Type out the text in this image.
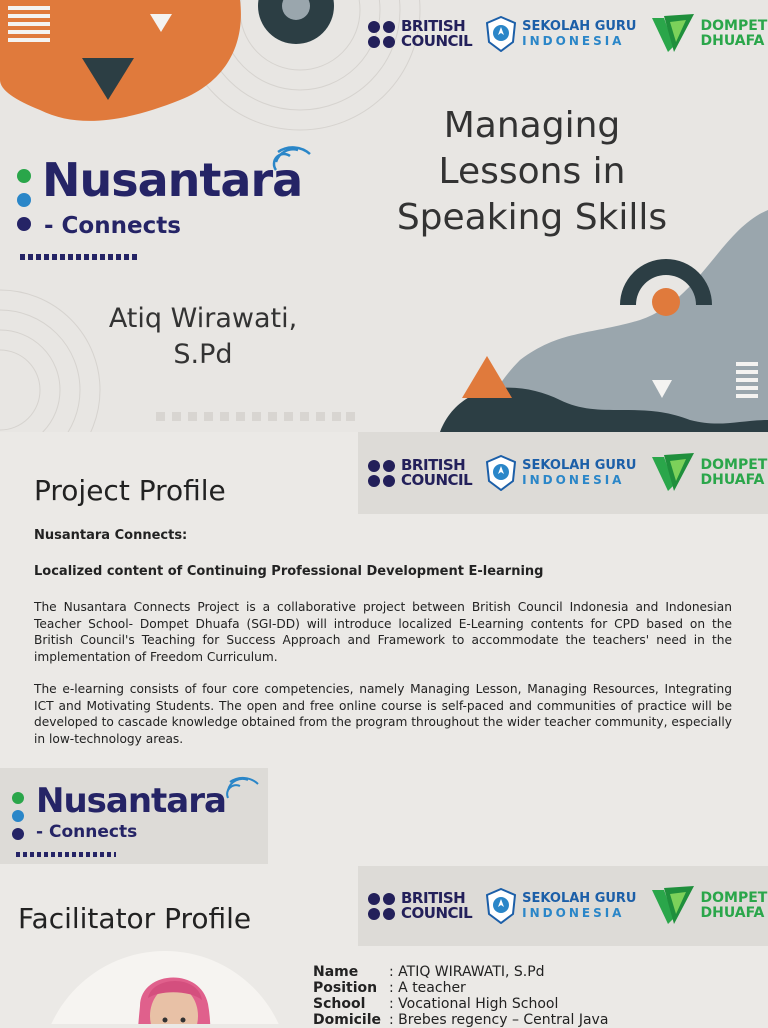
BRITISH
COUNCIL
SEKOLAH GURU
INDONESIA
DOMPET
DHUAFA
Nusantara
- Connects
Managing
Lessons in
Speaking Skills
Atiq Wirawati,
S.Pd
BRITISH
COUNCIL
SEKOLAH GURU
INDONESIA
DOMPET
DHUAFA
Project Profile
Nusantara Connects:
Localized content of Continuing Professional Development E-learning
The Nusantara Connects Project is a collaborative project between British Council Indonesia and Indonesian Teacher School- Dompet Dhuafa (SGI-DD) will introduce localized E-Learning contents for CPD based on the British Council's Teaching for Success Approach and Framework to accommodate the teachers' need in the implementation of Freedom Curriculum.
The e-learning consists of four core competencies, namely Managing Lesson, Managing Resources, Integrating ICT and Motivating Students. The open and free online course is self-paced and communities of practice will be developed to cascade knowledge obtained from the program throughout the wider teacher community, especially in low-technology areas.
Nusantara
- Connects
BRITISH
COUNCIL
SEKOLAH GURU
INDONESIA
DOMPET
DHUAFA
Facilitator Profile
Name	: ATIQ WIRAWATI, S.Pd
Position : A teacher
School	: Vocational High School
Domicile : Brebes regency – Central Java
